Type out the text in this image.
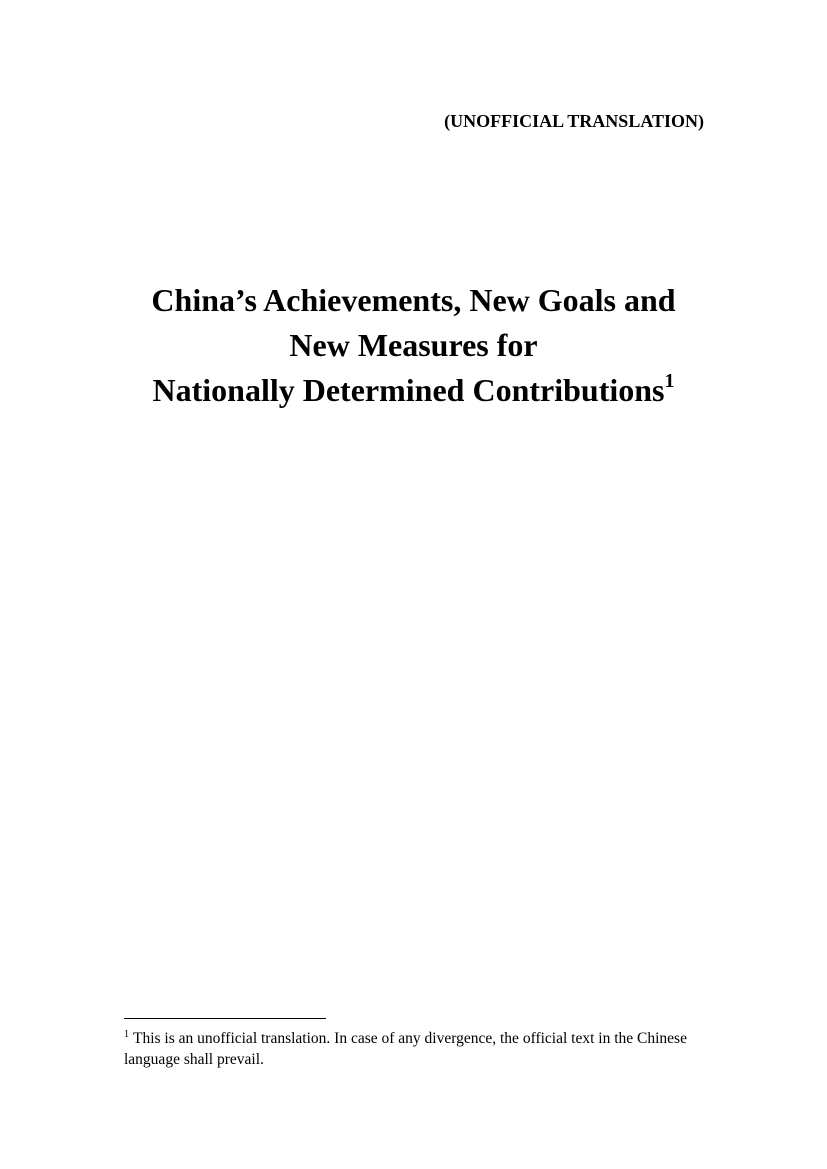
(UNOFFICIAL TRANSLATION)
China’s Achievements, New Goals and
New Measures for
Nationally Determined Contributions$^1$
$^1$ This is an unofficial translation. In case of any divergence, the official text in the Chinese language shall prevail.
